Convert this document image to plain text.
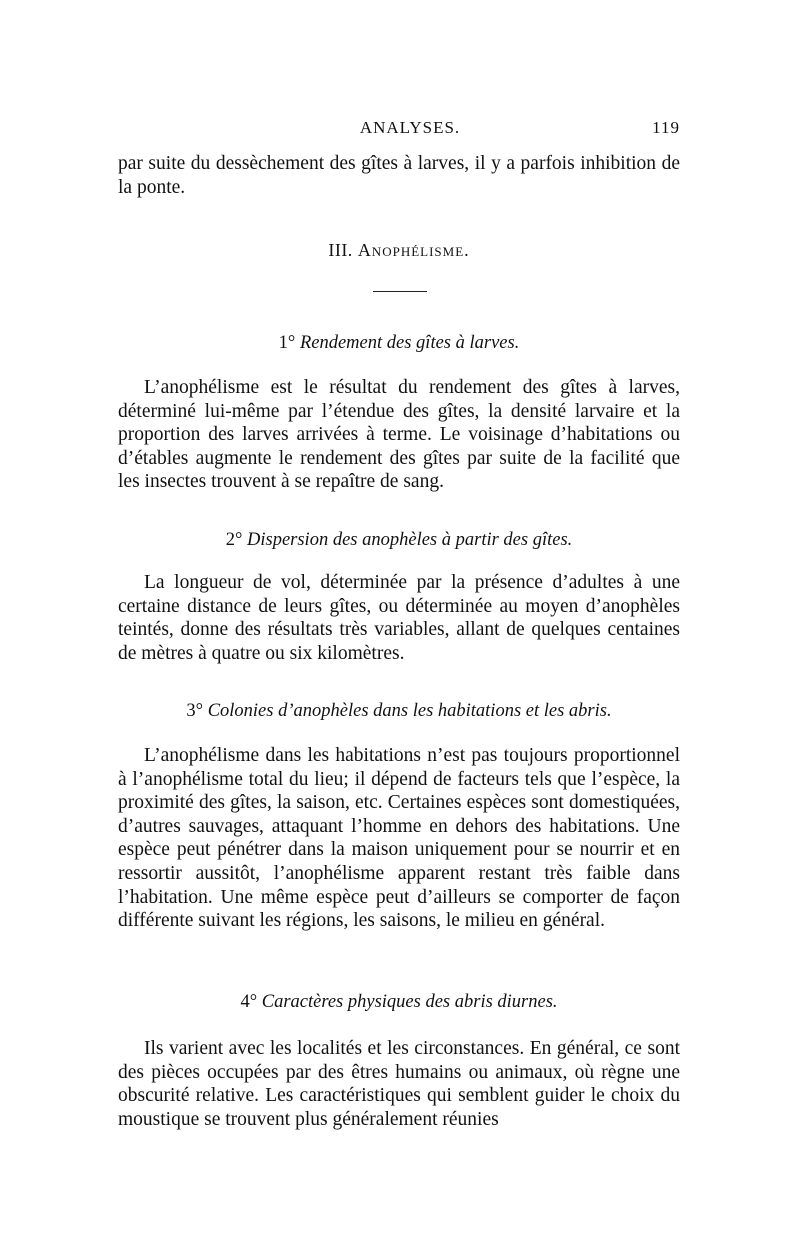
ANALYSES.	119

par suite du dessèchement des gîtes à larves, il y a parfois inhibition de la ponte.

III. Anophélisme.
1° Rendement des gîtes à larves.

L’anophélisme est le résultat du rendement des gîtes à larves, déterminé lui-même par l’étendue des gîtes, la densité larvaire et la proportion des larves arrivées à terme. Le voisinage d’habitations ou d’étables augmente le rendement des gîtes par suite de la facilité que les insectes trouvent à se repaître de sang.

2° Dispersion des anophèles à partir des gîtes.

La longueur de vol, déterminée par la présence d’adultes à une certaine distance de leurs gîtes, ou déterminée au moyen d’anophèles teintés, donne des résultats très variables, allant de quelques centaines de mètres à quatre ou six kilomètres.

3° Colonies d’anophèles dans les habitations et les abris.

L’anophélisme dans les habitations n’est pas toujours proportionnel à l’anophélisme total du lieu; il dépend de facteurs tels que l’espèce, la proximité des gîtes, la saison, etc. Certaines espèces sont domestiquées, d’autres sauvages, attaquant l’homme en dehors des habitations. Une espèce peut pénétrer dans la maison uniquement pour se nourrir et en ressortir aussitôt, l’anophélisme apparent restant très faible dans l’habitation. Une même espèce peut d’ailleurs se comporter de façon différente suivant les régions, les saisons, le milieu en général.

4° Caractères physiques des abris diurnes.

Ils varient avec les localités et les circonstances. En général, ce sont des pièces occupées par des êtres humains ou animaux, où règne une obscurité relative. Les caractéristiques qui semblent guider le choix du moustique se trouvent plus généralement réunies
